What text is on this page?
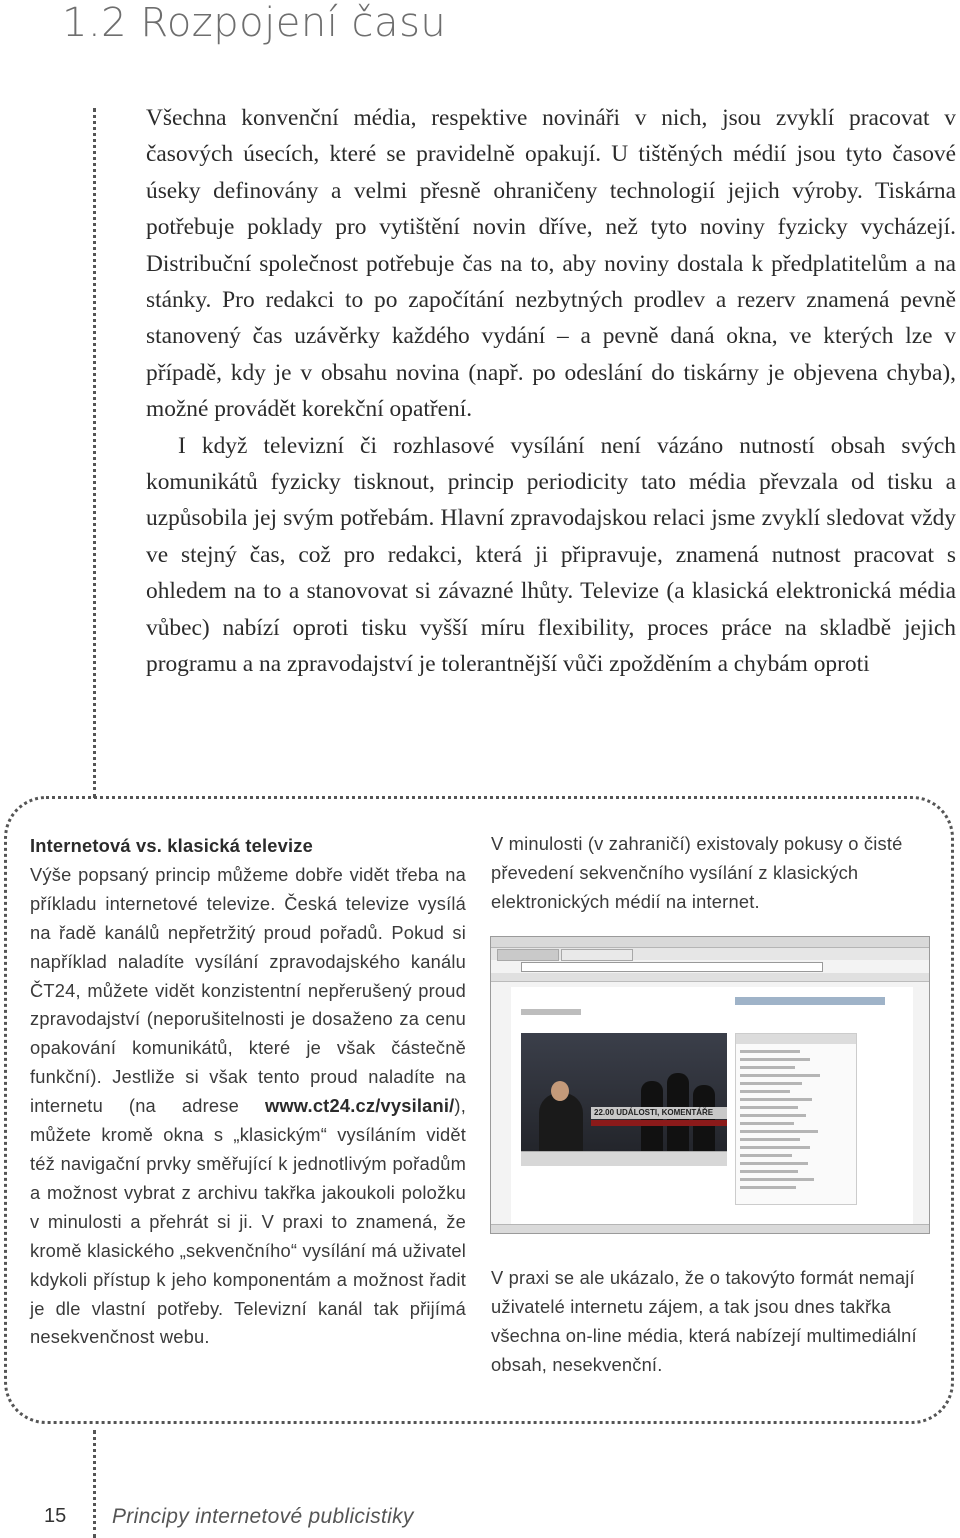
1.2 Rozpojení času

Všechna konvenční média, respektive novináři v nich, jsou zvyklí pracovat v časových úsecích, které se pravidelně opakují. U tištěných médií jsou tyto časové úseky definovány a velmi přesně ohraničeny technologií jejich výroby. Tiskárna potřebuje poklady pro vytištění novin dříve, než tyto noviny fyzicky vycházejí. Distribuční společnost potřebuje čas na to, aby noviny dostala k předplatitelům a na stánky. Pro redakci to po započítání nezbytných prodlev a rezerv znamená pevně stanovený čas uzávěrky každého vydání – a pevně daná okna, ve kterých lze v případě, kdy je v obsahu novina (např. po odeslání do tiskárny je objevena chyba), možné provádět korekční opatření.

I když televizní či rozhlasové vysílání není vázáno nutností obsah svých komunikátů fyzicky tisknout, princip periodicity tato média převzala od tisku a uzpůsobila jej svým potřebám. Hlavní zpravodajskou relaci jsme zvyklí sledovat vždy ve stejný čas, což pro redakci, která ji připravuje, znamená nutnost pracovat s ohledem na to a stanovovat si závazné lhůty. Televize (a klasická elektronická média vůbec) nabízí oproti tisku vyšší míru flexibility, proces práce na skladbě jejich programu a na zpravodajství je tolerantnější vůči zpožděním a chybám oproti

Internetová vs. klasická televize
Výše popsaný princip můžeme dobře vidět třeba na příkladu internetové televize. Česká televize vysílá na řadě kanálů nepřetržitý proud pořadů. Pokud si například naladíte vysílání zpravodajského kanálu ČT24, můžete vidět konzistentní nepřerušený proud zpravodajství (neporušitelnosti je dosaženo za cenu opakování komunikátů, které je však částečně funkční). Jestliže si však tento proud naladíte na internetu (na adrese www.ct24.cz/vysilani/), můžete kromě okna s „klasickým“ vysíláním vidět též navigační prvky směřující k jednotlivým pořadům a možnost vybrat z archivu takřka jakoukoli položku v minulosti a přehrát si ji. V praxi to znamená, že kromě klasického „sekvenčního“ vysílání má uživatel kdykoli přístup k jeho komponentám a možnost řadit je dle vlastní potřeby. Televizní kanál tak přijímá nesekvenčnost webu.
V minulosti (v zahraničí) existovaly pokusy o čisté převedení sekvenčního vysílání z klasických elektronických médií na internet.
22.00 UDÁLOSTI, KOMENTÁŘE
V praxi se ale ukázalo, že o takovýto formát nemají uživatelé internetu zájem, a tak jsou dnes takřka všechna on-line média, která nabízejí multimediální obsah, nesekvenční.
15 Principy internetové publicistiky
